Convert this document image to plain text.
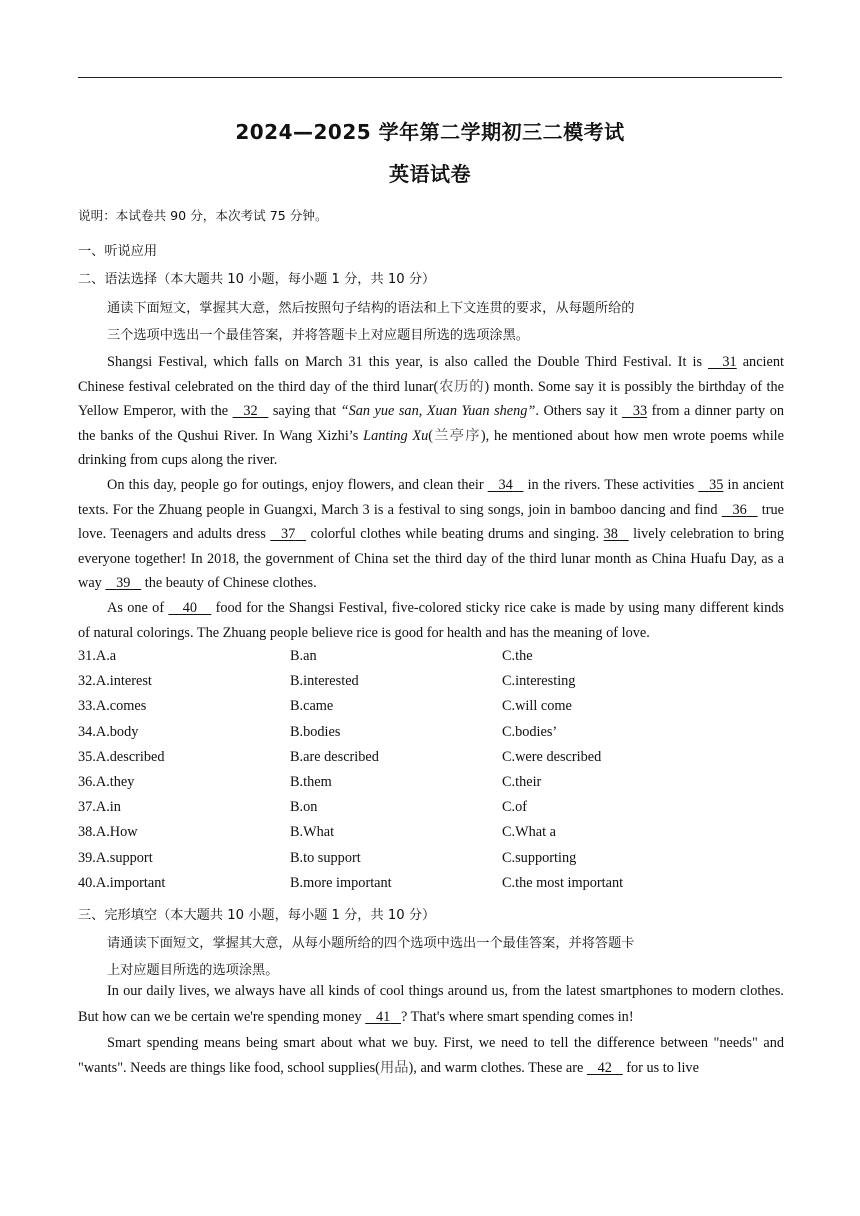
2024—2025 学年第二学期初三二模考试
英语试卷
说明：本试卷共 90 分，本次考试 75 分钟。
一、听说应用
二、语法选择（本大题共 10 小题，每小题 1 分，共 10 分）
通读下面短文，掌握其大意，然后按照句子结构的语法和上下文连贯的要求，从每题所给的
三个选项中选出一个最佳答案，并将答题卡上对应题目所选的选项涂黑。

Shangsi Festival, which falls on March 31 this year, is also called the Double Third Festival. It is     31 ancient Chinese festival celebrated on the third day of the third lunar(农历的) month. Some say it is possibly the birthday of the Yellow Emperor, with the    32    saying that “San yue san, Xuan Yuan sheng”. Others say it    33 from a dinner party on the banks of the Qushui River. In Wang Xizhi’s Lanting Xu(兰亭序), he mentioned about how men wrote poems while drinking from cups along the river.

On this day, people go for outings, enjoy flowers, and clean their    34    in the rivers. These activities    35 in ancient texts. For the Zhuang people in Guangxi, March 3 is a festival to sing songs, join in bamboo dancing and find    36    true love. Teenagers and adults dress    37    colorful clothes while beating drums and singing. 38    lively celebration to bring everyone together! In 2018, the government of China set the third day of the third lunar month as China Huafu Day, as a way    39    the beauty of Chinese clothes.

As one of     40     food for the Shangsi Festival, five-colored sticky rice cake is made by using many different kinds of natural colorings. The Zhuang people believe rice is good for health and has the meaning of love.

31.A.a	B.an	C.the
32.A.interest	B.interested	C.interesting
33.A.comes	B.came	C.will come
34.A.body	B.bodies	C.bodies’
35.A.described	B.are described	C.were described
36.A.they	B.them	C.their
37.A.in	B.on	C.of
38.A.How	B.What	C.What a
39.A.support	B.to support	C.supporting
40.A.important	B.more important	C.the most important
三、完形填空（本大题共 10 小题，每小题 1 分，共 10 分）
请通读下面短文，掌握其大意，从每小题所给的四个选项中选出一个最佳答案，并将答题卡
上对应题目所选的选项涂黑。

In our daily lives, we always have all kinds of cool things around us, from the latest smartphones to modern clothes. But how can we be certain we're spending money    41 ? That's where smart spending comes in!

Smart spending means being smart about what we buy. First, we need to tell the difference between "needs" and "wants". Needs are things like food, school supplies(用品), and warm clothes. These are    42    for us to live
